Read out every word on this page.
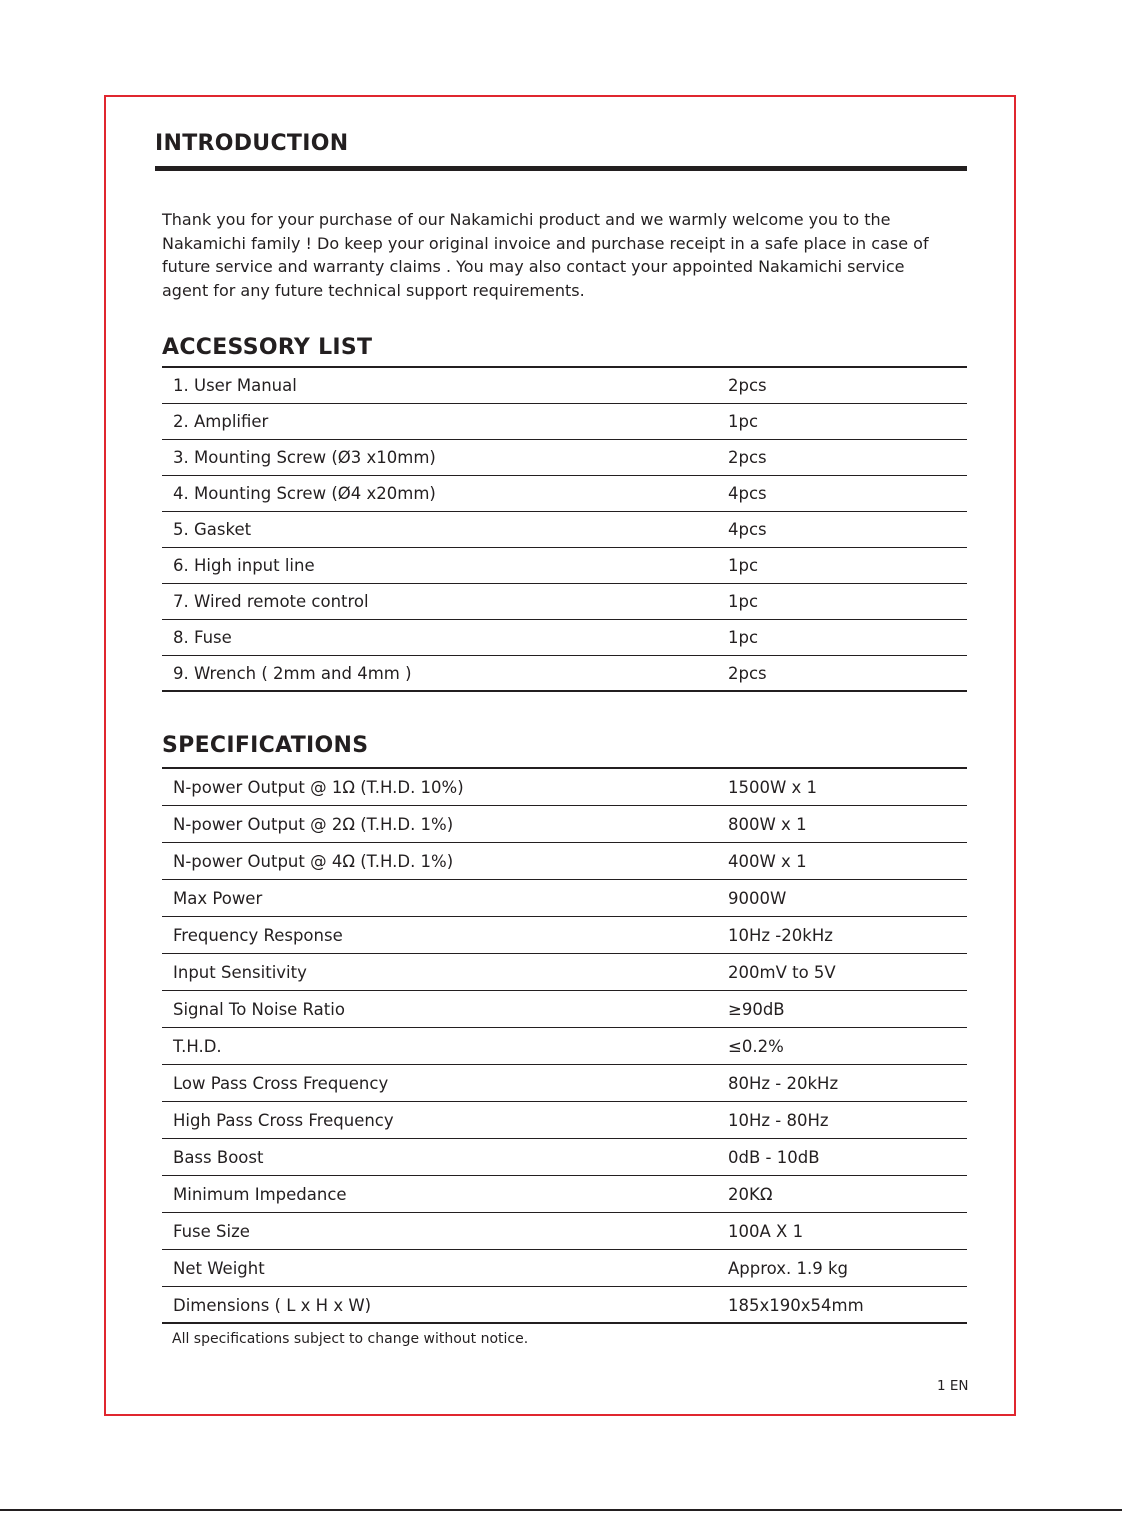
INTRODUCTION

Thank you for your purchase of our Nakamichi product and we warmly welcome you to the Nakamichi family ! Do keep your original invoice and purchase receipt in a safe place in case of future service and warranty claims . You may also contact your appointed Nakamichi service agent for any future technical support requirements.

ACCESSORY LIST
1. User Manual	2pcs
2. Amplifier	1pc
3. Mounting Screw (Ø3 x10mm)	2pcs
4. Mounting Screw (Ø4 x20mm)	4pcs
5. Gasket	4pcs
6. High input line	1pc
7. Wired remote control	1pc
8. Fuse	1pc
9. Wrench ( 2mm and 4mm )	2pcs
SPECIFICATIONS
N-power Output @ 1Ω (T.H.D. 10%)	1500W x 1
N-power Output @ 2Ω (T.H.D. 1%)	800W x 1
N-power Output @ 4Ω (T.H.D. 1%)	400W x 1
Max Power	9000W
Frequency Response	10Hz -20kHz
Input Sensitivity	200mV to 5V
Signal To Noise Ratio	≥90dB
T.H.D.	≤0.2%
Low Pass Cross Frequency	80Hz - 20kHz
High Pass Cross Frequency	10Hz - 80Hz
Bass Boost	0dB - 10dB
Minimum Impedance	20KΩ
Fuse Size	100A X 1
Net Weight	Approx. 1.9 kg
Dimensions ( L x H x W)	185x190x54mm

All specifications subject to change without notice.

1 EN
